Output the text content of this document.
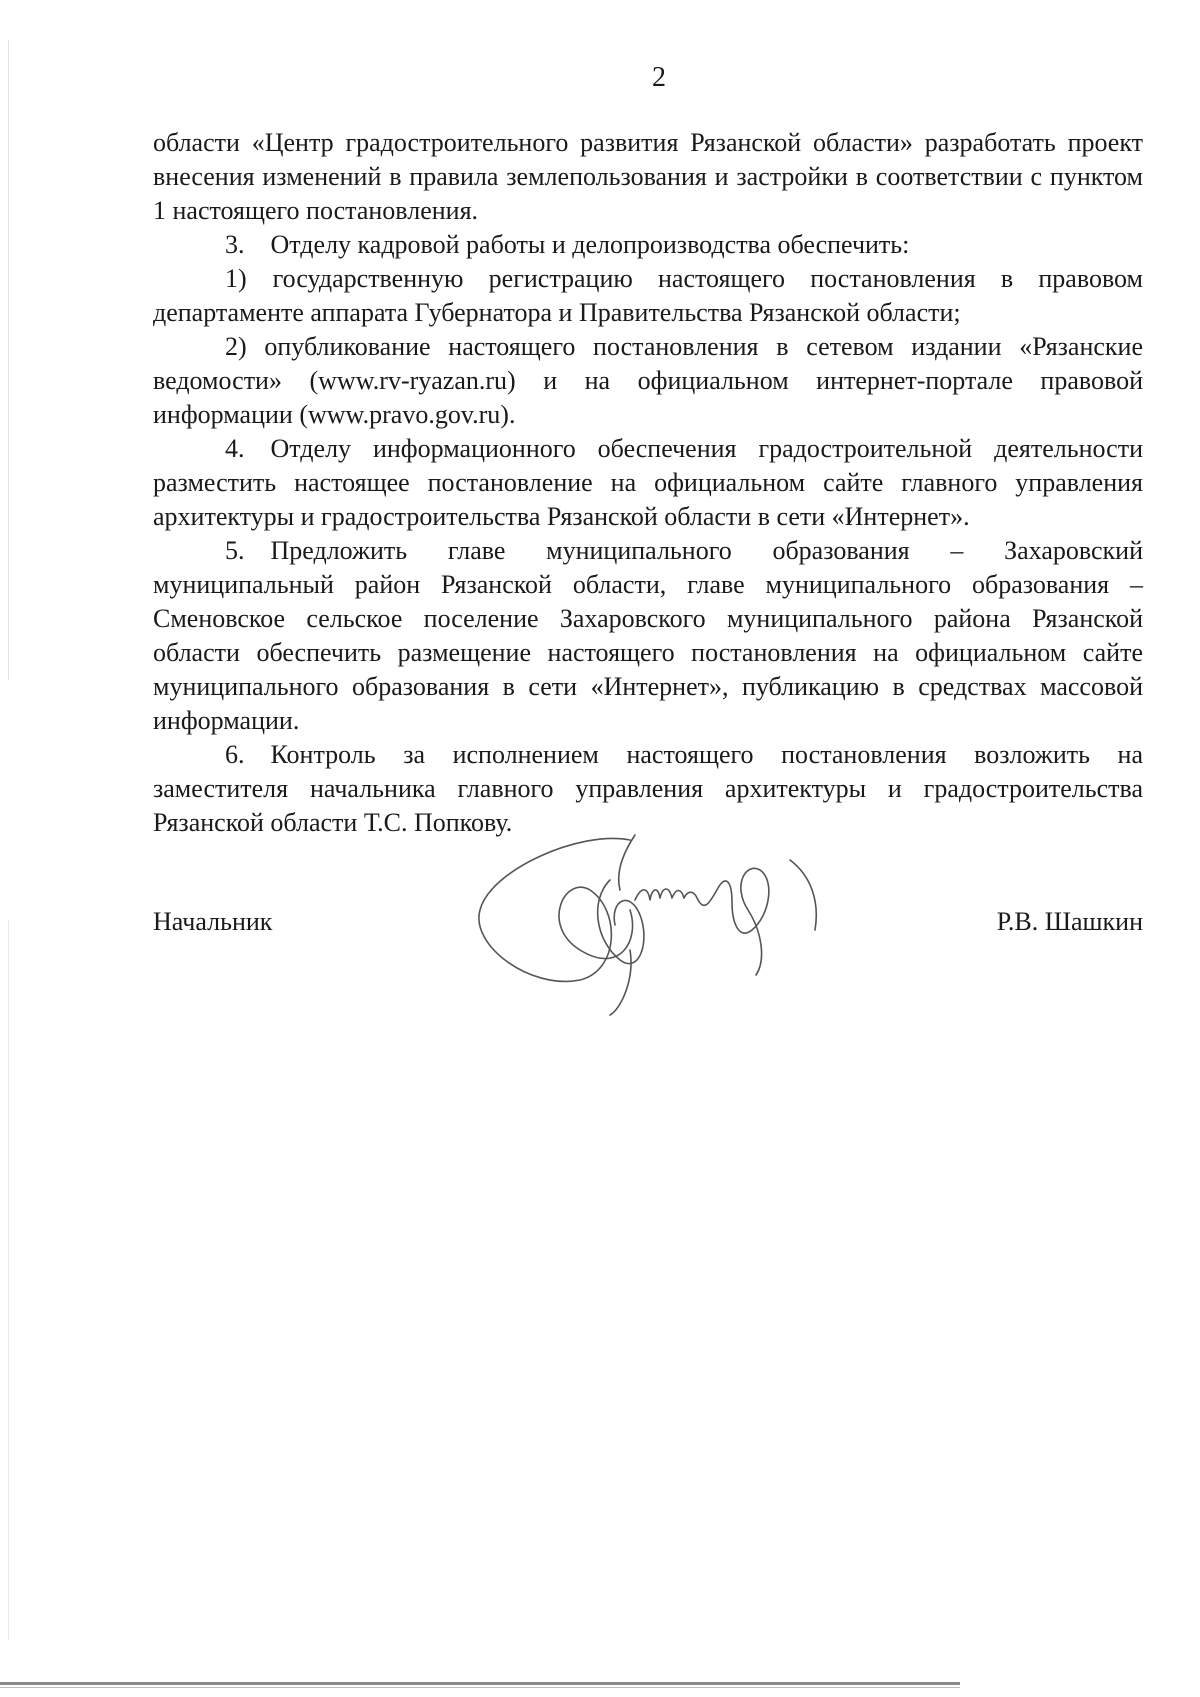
2

области «Центр градостроительного развития Рязанской области» разработать проект внесения изменений в правила землепользования и застройки в соответствии с пунктом 1 настоящего постановления.

3. Отделу кадровой работы и делопроизводства обеспечить:

1) государственную регистрацию настоящего постановления в правовом департаменте аппарата Губернатора и Правительства Рязанской области;

2) опубликование настоящего постановления в сетевом издании «Рязанские ведомости» (www.rv-ryazan.ru) и на официальном интернет-портале правовой информации (www.pravo.gov.ru).

4. Отделу информационного обеспечения градостроительной деятельности разместить настоящее постановление на официальном сайте главного управления архитектуры и градостроительства Рязанской области в сети «Интернет».

5. Предложить главе муниципального образования – Захаровский муниципальный район Рязанской области, главе муниципального образования – Сменовское сельское поселение Захаровского муниципального района Рязанской области обеспечить размещение настоящего постановления на официальном сайте муниципального образования в сети «Интернет», публикацию в средствах массовой информации.

6. Контроль за исполнением настоящего постановления возложить на заместителя начальника главного управления архитектуры и градостроительства Рязанской области Т.С. Попкову.

Начальник	Р.В. Шашкин
